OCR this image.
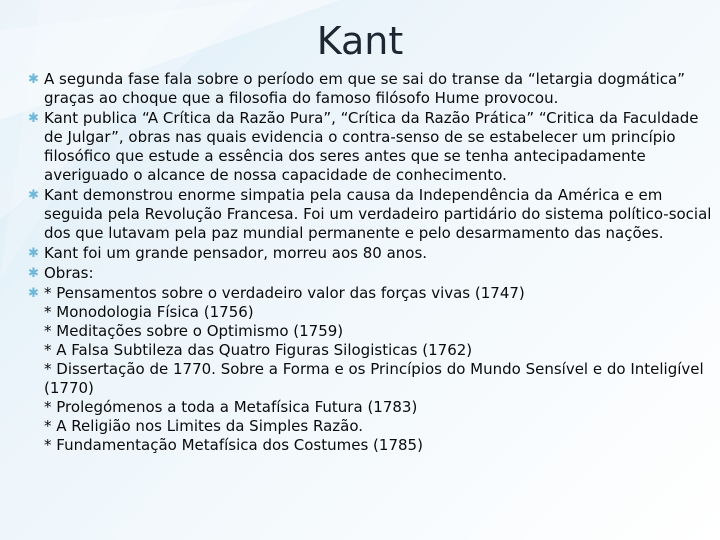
Kant
✱ A segunda fase fala sobre o período em que se sai do transe da “letargia dogmática”
graças ao choque que a filosofia do famoso filósofo Hume provocou.
✱ Kant publica “A Crítica da Razão Pura”, “Crítica da Razão Prática” “Critica da Faculdade
de Julgar”, obras nas quais evidencia o contra-senso de se estabelecer um princípio
filosófico que estude a essência dos seres antes que se tenha antecipadamente
averiguado o alcance de nossa capacidade de conhecimento.
✱ Kant demonstrou enorme simpatia pela causa da Independência da América e em
seguida pela Revolução Francesa. Foi um verdadeiro partidário do sistema político-social
dos que lutavam pela paz mundial permanente e pelo desarmamento das nações.
✱ Kant foi um grande pensador, morreu aos 80 anos.
✱ Obras:
✱ * Pensamentos sobre o verdadeiro valor das forças vivas (1747)
* Monodologia Física (1756)
* Meditações sobre o Optimismo (1759)
* A Falsa Subtileza das Quatro Figuras Silogisticas (1762)
* Dissertação de 1770. Sobre a Forma e os Princípios do Mundo Sensível e do Inteligível
(1770)
* Prolegómenos a toda a Metafísica Futura (1783)
* A Religião nos Limites da Simples Razão.
* Fundamentação Metafísica dos Costumes (1785)
